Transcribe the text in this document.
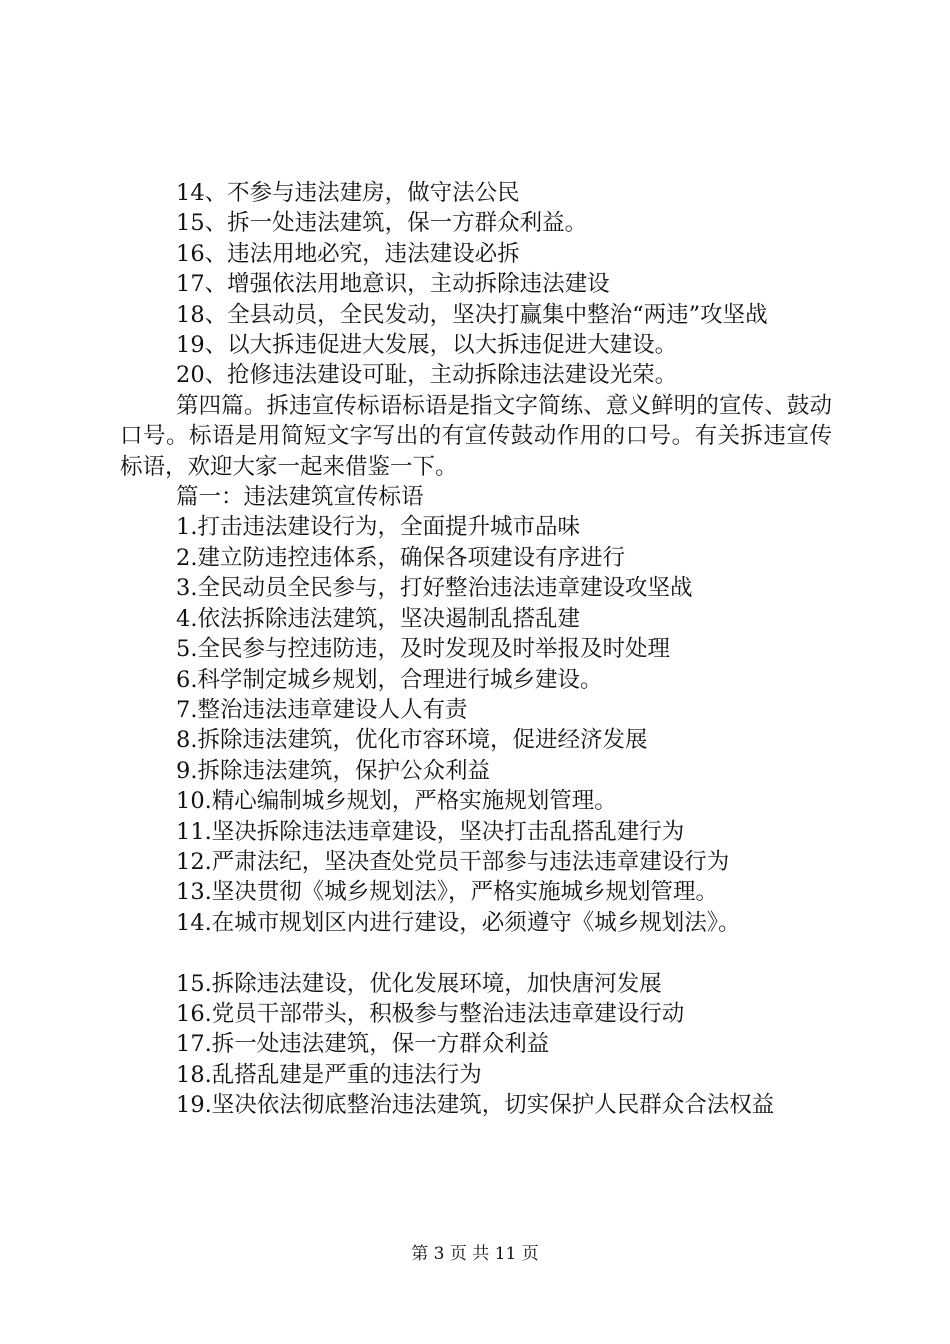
14、不参与违法建房，做守法公民

15、拆一处违法建筑，保一方群众利益。

16、违法用地必究，违法建设必拆

17、增强依法用地意识，主动拆除违法建设

18、全县动员，全民发动，坚决打赢集中整治“两违”攻坚战

19、以大拆违促进大发展，以大拆违促进大建设。

20、抢修违法建设可耻，主动拆除违法建设光荣。

第四篇。拆违宣传标语标语是指文字简练、意义鲜明的宣传、鼓动口号。标语是用简短文字写出的有宣传鼓动作用的口号。有关拆违宣传标语，欢迎大家一起来借鉴一下。

篇一：违法建筑宣传标语

1.打击违法建设行为，全面提升城市品味

2.建立防违控违体系，确保各项建设有序进行

3.全民动员全民参与，打好整治违法违章建设攻坚战

4.依法拆除违法建筑，坚决遏制乱搭乱建

5.全民参与控违防违，及时发现及时举报及时处理

6.科学制定城乡规划，合理进行城乡建设。

7.整治违法违章建设人人有责

8.拆除违法建筑，优化市容环境，促进经济发展

9.拆除违法建筑，保护公众利益

10.精心编制城乡规划，严格实施规划管理。

11.坚决拆除违法违章建设，坚决打击乱搭乱建行为

12.严肃法纪，坚决查处党员干部参与违法违章建设行为

13.坚决贯彻《城乡规划法》，严格实施城乡规划管理。

14.在城市规划区内进行建设，必须遵守《城乡规划法》。

15.拆除违法建设，优化发展环境，加快唐河发展

16.党员干部带头，积极参与整治违法违章建设行动

17.拆一处违法建筑，保一方群众利益

18.乱搭乱建是严重的违法行为

19.坚决依法彻底整治违法建筑，切实保护人民群众合法权益

第 3 页 共 11 页
